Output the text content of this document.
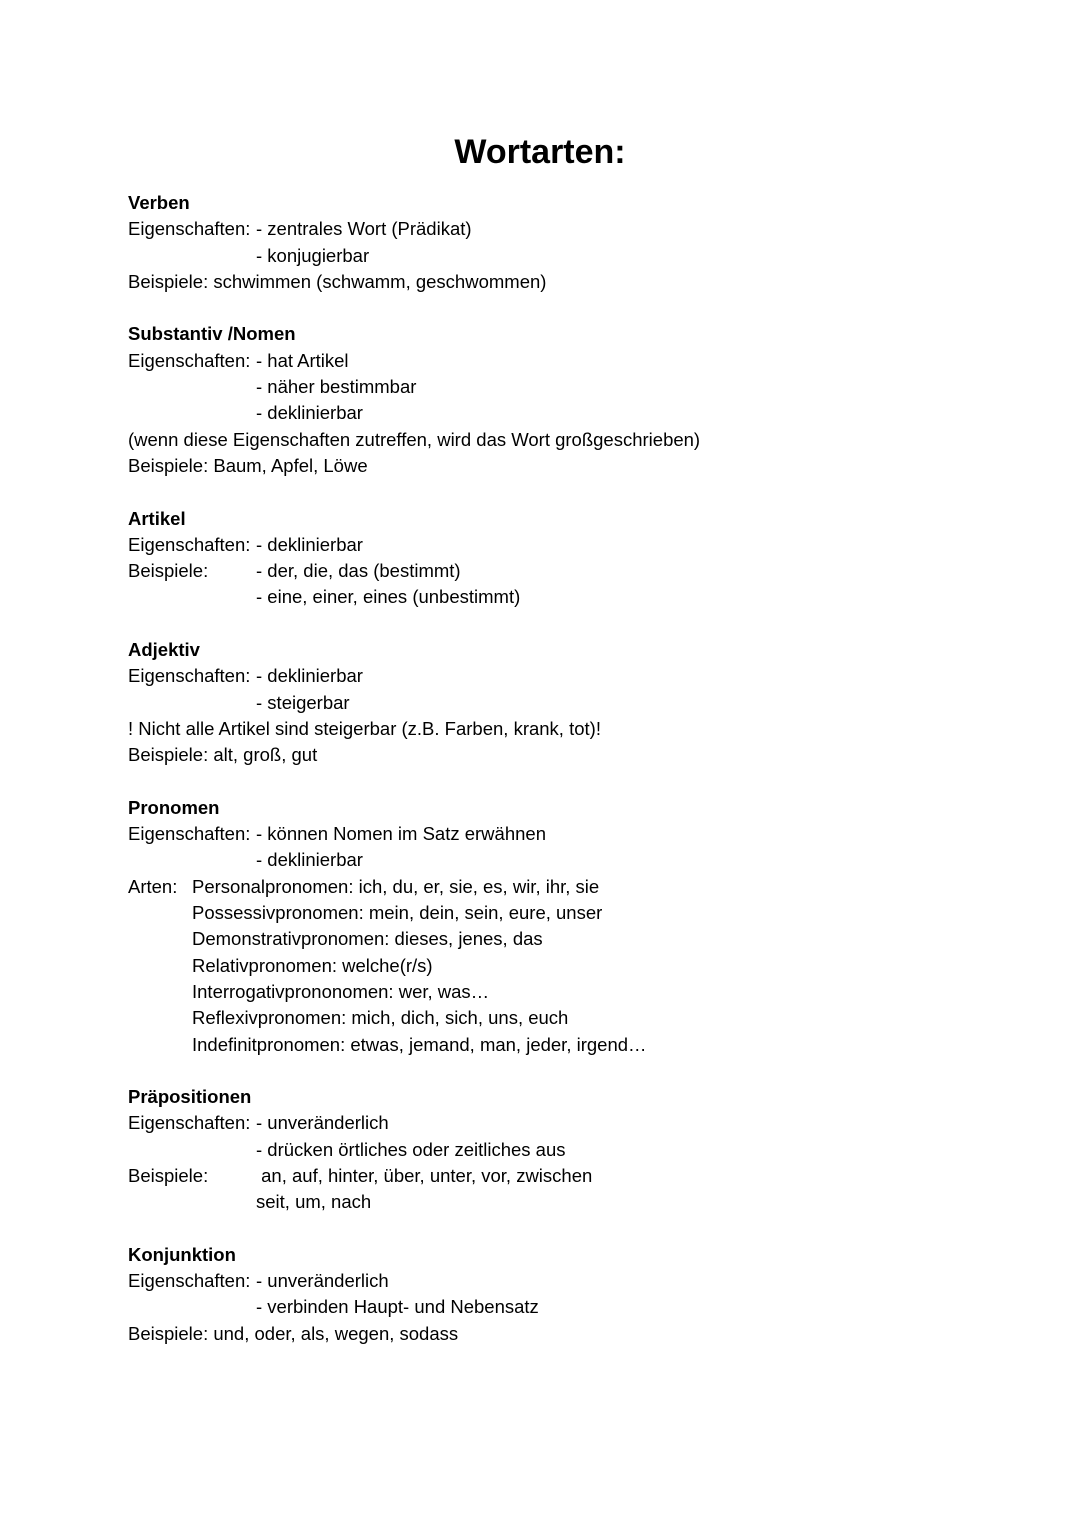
Wortarten:
Verben
Eigenschaften: - zentrales Wort (Prädikat)
- konjugierbar
Beispiele: schwimmen (schwamm, geschwommen)
Substantiv /Nomen
Eigenschaften: - hat Artikel
- näher bestimmbar
- deklinierbar
(wenn diese Eigenschaften zutreffen, wird das Wort großgeschrieben)
Beispiele: Baum, Apfel, Löwe
Artikel
Eigenschaften: - deklinierbar
Beispiele:	- der, die, das (bestimmt)
- eine, einer, eines (unbestimmt)
Adjektiv
Eigenschaften: - deklinierbar
- steigerbar
! Nicht alle Artikel sind steigerbar (z.B. Farben, krank, tot)!
Beispiele: alt, groß, gut
Pronomen
Eigenschaften: - können Nomen im Satz erwähnen
- deklinierbar
Arten: Personalpronomen: ich, du, er, sie, es, wir, ihr, sie
Possessivpronomen: mein, dein, sein, eure, unser
Demonstrativpronomen: dieses, jenes, das
Relativpronomen: welche(r/s)
Interrogativprononomen: wer, was…
Reflexivpronomen: mich, dich, sich, uns, euch
Indefinitpronomen: etwas, jemand, man, jeder, irgend…
Präpositionen
Eigenschaften: - unveränderlich
- drücken örtliches oder zeitliches aus
Beispiele:	an, auf, hinter, über, unter, vor, zwischen
seit, um, nach
Konjunktion
Eigenschaften: - unveränderlich
- verbinden Haupt- und Nebensatz
Beispiele: und, oder, als, wegen, sodass
